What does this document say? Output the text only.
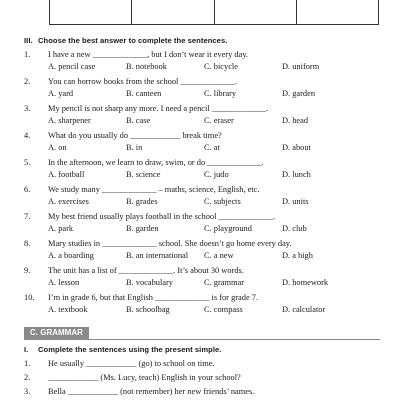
III. Choose the best answer to complete the sentences.
1.	I have a new _____________, but I don’t wear it every day.
A. pencil case	B. notebook	C. bicycle	D. uniform
2.	You can borrow books from the school _____________.
A. yard	B. canteen	C. library	D. garden
3.	My pencil is not sharp any more. I need a pencil _____________.
A. sharpener	B. case	C. eraser	D. head
4.	What do you usually do ____________ break time?
A. on	B. in	C. at	D. about
5.	In the afternoon, we learn to draw, swim, or do _____________.
A. football	B. science	C. judo	D. lunch
6.	We study many _____________ – maths, science, English, etc.
A. exercises	B. grades	C. subjects	D. units
7.	My best friend usually plays football in the school _____________.
A. park	B. garden	C. playground	D. club
8.	Mary studies in _____________ school. She doesn’t go home every day.
A. a boarding	B. an international	C. a new	D. a high
9.	The unit has a list of _____________. It’s about 30 words.
A. lesson	B. vocabulary	C. grammar	D. homework
10.	I’m in grade 6, but that English _____________ is for grade 7.
A. textbook	B. schoolbag	C. compass	D. calculator
C. GRAMMAR
I. Complete the sentences using the present simple.
1.	He usually ____________ (go) to school on time.
2.	____________ (Ms. Lucy, teach) English in your school?
3.	Bella ____________ (not remember) her new friends’ names.
